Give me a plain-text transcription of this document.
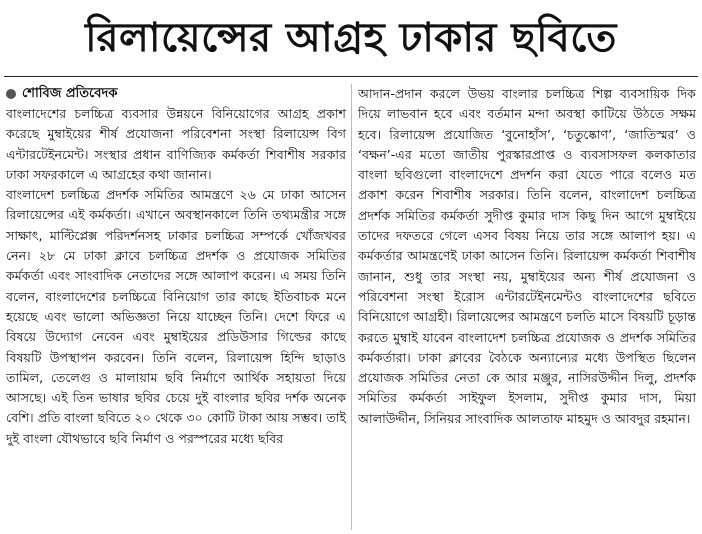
রিলায়েন্সের আগ্রহ ঢাকার ছবিতে
শোবিজ প্রতিবেদক

বাংলাদেশের চলচ্চিত্র ব্যবসার উন্নয়নে বিনিয়োগের আগ্রহ প্রকাশ করেছে মুম্বাইয়ের শীর্ষ প্রযোজনা পরিবেশনা সংস্থা রিলায়েন্স বিগ এন্টারটেইনমেন্ট। সংস্থার প্রধান বাণিজ্যিক কর্মকর্তা শিবাশীষ সরকার ঢাকা সফরকালে এ আগ্রহের কথা জানান।

বাংলাদেশ চলচ্চিত্র প্রদর্শক সমিতির আমন্ত্রণে ২৬ মে ঢাকা আসেন রিলায়েন্সের এই কর্মকর্তা। এখানে অবস্থানকালে তিনি তথ্যমন্ত্রীর সঙ্গে সাক্ষাৎ, মাল্টিপ্লেক্স পরিদর্শনসহ ঢাকার চলচ্চিত্র সম্পর্কে খোঁজখবর নেন। ২৮ মে ঢাকা ক্লাবে চলচ্চিত্র প্রদর্শক ও প্রযোজক সমিতির কর্মকর্তা এবং সাংবাদিক নেতাদের সঙ্গে আলাপ করেন। এ সময় তিনি বলেন, বাংলাদেশের চলচ্চিত্রে বিনিয়োগ তার কাছে ইতিবাচক মনে হয়েছে এবং ভালো অভিজ্ঞতা নিয়ে যাচ্ছেন তিনি। দেশে ফিরে এ বিষয়ে উদ্যোগ নেবেন এবং মুম্বাইয়ের প্রডিউসার গিল্ডের কাছে বিষয়টি উপস্থাপন করবেন। তিনি বলেন, রিলায়েন্স হিন্দি ছাড়াও তামিল, তেলেগু ও মালায়াম ছবি নির্মাণে আর্থিক সহায়তা দিয়ে আসছে। এই তিন ভাষার ছবির চেয়ে দুই বাংলার ছবির দর্শক অনেক বেশি। প্রতি বাংলা ছবিতে ২০ থেকে ৩০ কোটি টাকা আয় সম্ভব। তাই দুই বাংলা যৌথভাবে ছবি নির্মাণ ও পরস্পরের মধ্যে ছবির

আদান-প্রদান করলে উভয় বাংলার চলচ্চিত্র শিল্প ব্যবসায়িক দিক দিয়ে লাভবান হবে এবং বর্তমান মন্দা অবস্থা কাটিয়ে উঠতে সক্ষম হবে। রিলায়েন্স প্রযোজিত ‘বুনোহাঁস’, ‘চতুষ্কোণ’, ‘জাতিস্মর’ ও ‘বক্ষন’-এর মতো জাতীয় পুরস্কারপ্রাপ্ত ও ব্যবসাসফল কলকাতার বাংলা ছবিগুলো বাংলাদেশে প্রদর্শন করা যেতে পারে বলেও মত প্রকাশ করেন শিবাশীষ সরকার। তিনি বলেন, বাংলাদেশ চলচ্চিত্র প্রদর্শক সমিতির কর্মকর্তা সুদীপ্ত কুমার দাস কিছু দিন আগে মুম্বাইয়ে তাদের দফতরে গেলে এসব বিষয় নিয়ে তার সঙ্গে আলাপ হয়। এ কর্মকর্তার আমন্ত্রণেই ঢাকা আসেন তিনি। রিলায়েন্স কর্মকর্তা শিবাশীষ জানান, শুধু তার সংস্থা নয়, মুম্বাইয়ের অন্য শীর্ষ প্রযোজনা ও পরিবেশনা সংস্থা ইরোস এন্টারটেইনমেন্টও বাংলাদেশের ছবিতে বিনিয়োগে আগ্রহী। রিলায়েন্সের আমন্ত্রণে চলতি মাসে বিষয়টি চূড়ান্ত করতে মুম্বাই যাবেন বাংলাদেশ চলচ্চিত্র প্রযোজক ও প্রদর্শক সমিতির কর্মকর্তারা। ঢাকা ক্লাবের বৈঠকে অন্যান্যের মধ্যে উপস্থিত ছিলেন প্রযোজক সমিতির নেতা কে আর মঞ্জুর, নাসিরউদ্দীন দিলু, প্রদর্শক সমিতির কর্মকর্তা সাইফুল ইসলাম, সুদীপ্ত কুমার দাস, মিয়া আলাউদ্দীন, সিনিয়র সাংবাদিক আলতাফ মাহমুদ ও আবদুর রহমান।
